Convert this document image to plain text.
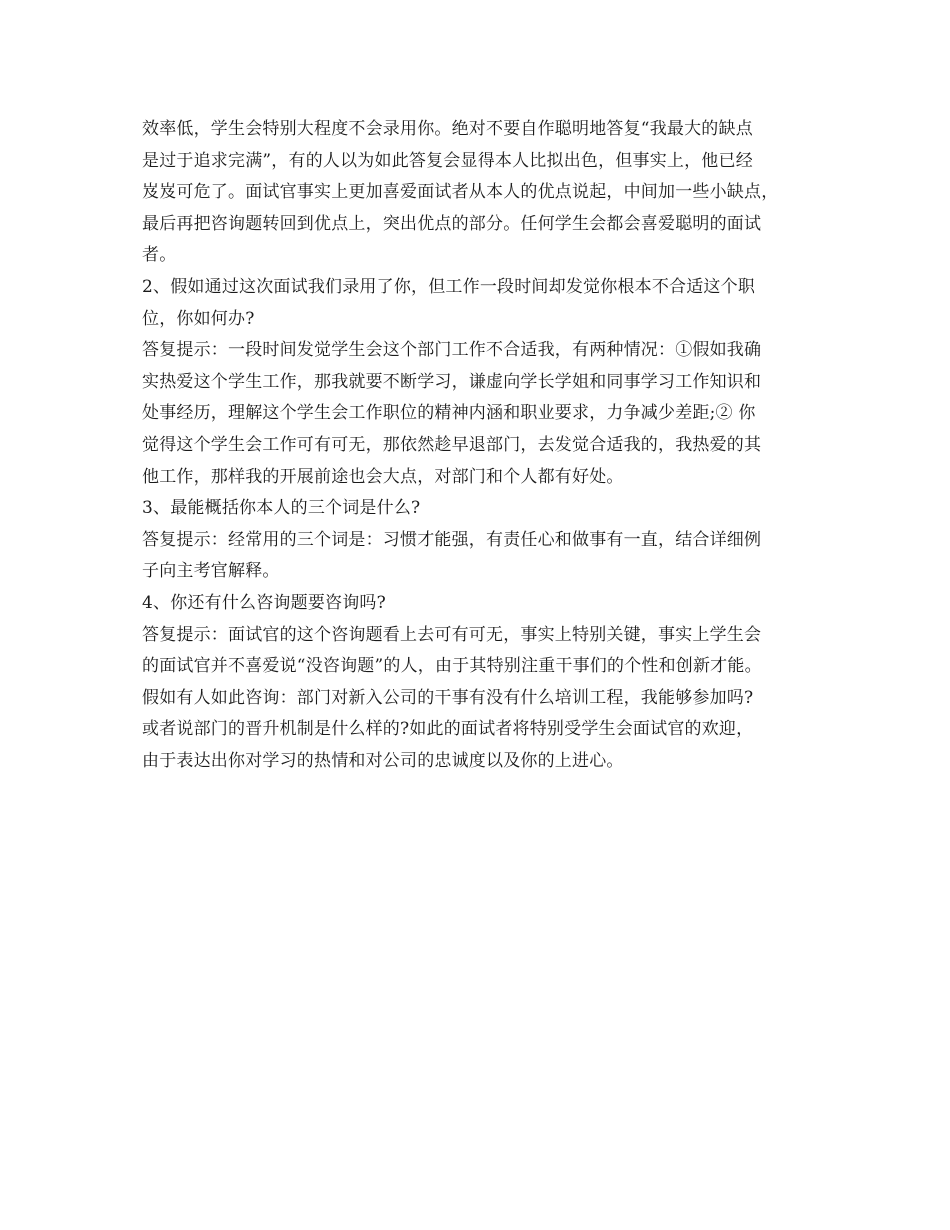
效率低，学生会特别大程度不会录用你。绝对不要自作聪明地答复“我最大的缺点
是过于追求完满”，有的人以为如此答复会显得本人比拟出色，但事实上，他已经
岌岌可危了。面试官事实上更加喜爱面试者从本人的优点说起，中间加一些小缺点，
最后再把咨询题转回到优点上，突出优点的部分。任何学生会都会喜爱聪明的面试
者。
2、假如通过这次面试我们录用了你，但工作一段时间却发觉你根本不合适这个职
位，你如何办?
答复提示：一段时间发觉学生会这个部门工作不合适我，有两种情况：①假如我确
实热爱这个学生工作，那我就要不断学习，谦虚向学长学姐和同事学习工作知识和
处事经历，理解这个学生会工作职位的精神内涵和职业要求，力争减少差距;② 你
觉得这个学生会工作可有可无，那依然趁早退部门，去发觉合适我的，我热爱的其
他工作，那样我的开展前途也会大点，对部门和个人都有好处。
3、最能概括你本人的三个词是什么?
答复提示：经常用的三个词是：习惯才能强，有责任心和做事有一直，结合详细例
子向主考官解释。
4、你还有什么咨询题要咨询吗?
答复提示：面试官的这个咨询题看上去可有可无，事实上特别关键，事实上学生会
的面试官并不喜爱说“没咨询题”的人，由于其特别注重干事们的个性和创新才能。
假如有人如此咨询：部门对新入公司的干事有没有什么培训工程，我能够参加吗?
或者说部门的晋升机制是什么样的?如此的面试者将特别受学生会面试官的欢迎，
由于表达出你对学习的热情和对公司的忠诚度以及你的上进心。
